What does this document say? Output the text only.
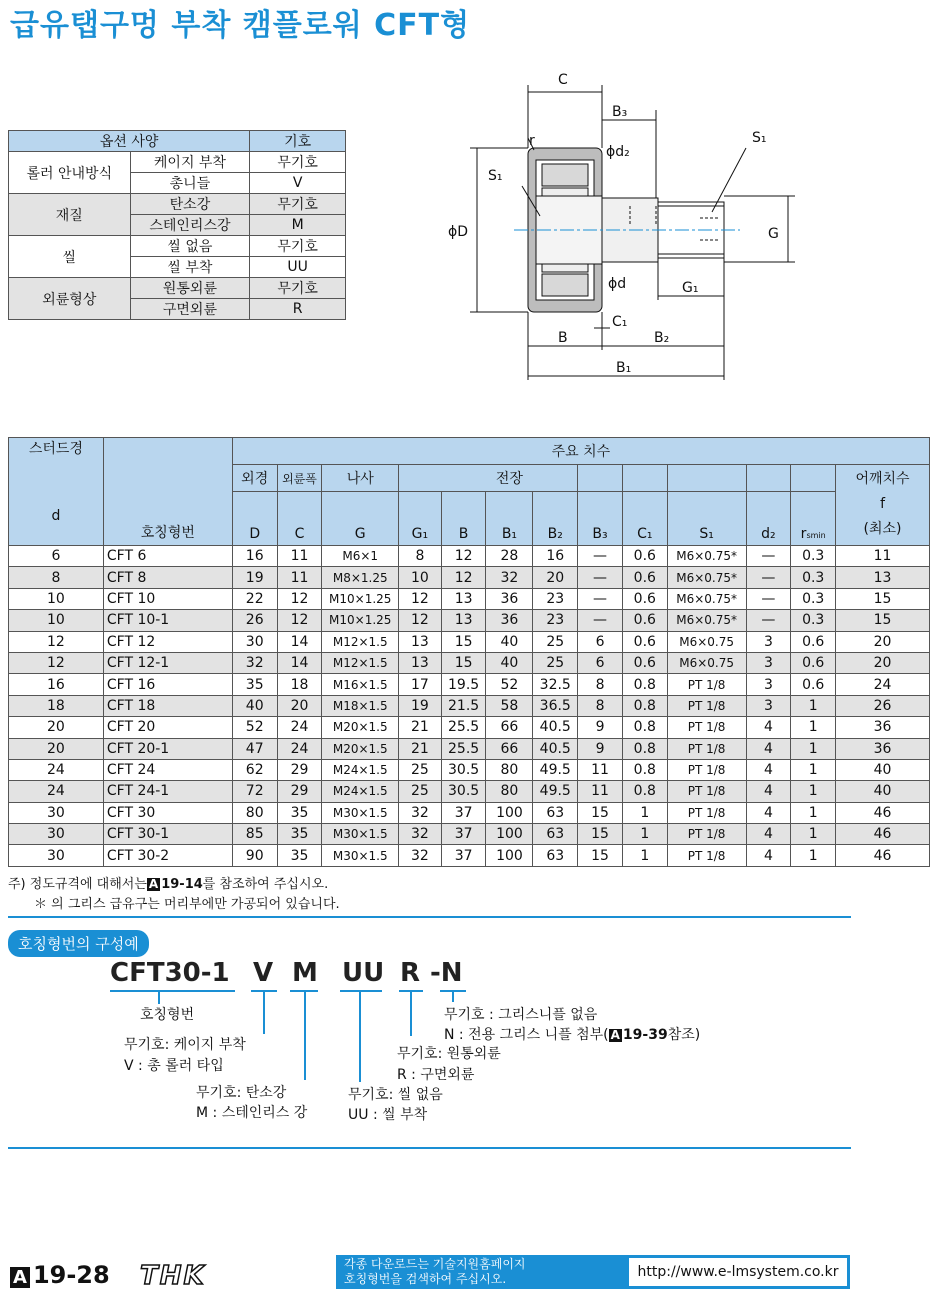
급유탭구멍 부착 캠플로워 CFT형
옵션 사양		기호
롤러 안내방식	케이지 부착	무기호
	총니들	V
재질	탄소강	무기호
	스테인리스강	M
씰	씰 없음	무기호
	씰 부착	UU
외륜형상	원통외륜	무기호
	구면외륜	R
C
B₃
r	S₁
ϕd₂
S₁
ϕD	G
ϕd	G₁
C₁
B	B₂
B₁
스터드경
d	호칭형번	주요 치수												
		외경	외륜폭	나사			전장							어깨치수
f
(최소)

		D	C	G	G₁	B	B₁	B₂	B₃	C₁	S₁	d₂	rsmin	
6	CFT 6	16	11	M6×1	8	12	28	16	—	0.6	M6×0.75*	—	0.3	11
8	CFT 8	19	11	M8×1.25	10	12	32	20	—	0.6	M6×0.75*	—	0.3	13
10	CFT 10	22	12	M10×1.25	12	13	36	23	—	0.6	M6×0.75*	—	0.3	15
10	CFT 10-1	26	12	M10×1.25	12	13	36	23	—	0.6	M6×0.75*	—	0.3	15
12	CFT 12	30	14	M12×1.5	13	15	40	25	6	0.6	M6×0.75	3	0.6	20
12	CFT 12-1	32	14	M12×1.5	13	15	40	25	6	0.6	M6×0.75	3	0.6	20
16	CFT 16	35	18	M16×1.5	17	19.5	52	32.5	8	0.8	PT 1/8	3	0.6	24
18	CFT 18	40	20	M18×1.5	19	21.5	58	36.5	8	0.8	PT 1/8	3	1	26
20	CFT 20	52	24	M20×1.5	21	25.5	66	40.5	9	0.8	PT 1/8	4	1	36
20	CFT 20-1	47	24	M20×1.5	21	25.5	66	40.5	9	0.8	PT 1/8	4	1	36
24	CFT 24	62	29	M24×1.5	25	30.5	80	49.5	11	0.8	PT 1/8	4	1	40
24	CFT 24-1	72	29	M24×1.5	25	30.5	80	49.5	11	0.8	PT 1/8	4	1	40
30	CFT 30	80	35	M30×1.5	32	37	100	63	15	1	PT 1/8	4	1	46
30	CFT 30-1	85	35	M30×1.5	32	37	100	63	15	1	PT 1/8	4	1	46
30	CFT 30-2	90	35	M30×1.5	32	37	100	63	15	1	PT 1/8	4	1	46
주) 정도규격에 대해서는 A 19-14를 참조하여 주십시오.
＊ 의 그리스 급유구는 머리부에만 가공되어 있습니다.
호칭형번의 구성예
CFT30-1 V M UU R -N
호칭형번
무기호: 케이지 부착
V : 총 롤러 타입
무기호: 탄소강
M : 스테인리스 강
무기호: 씰 없음
UU : 씰 부착
무기호: 원통외륜
R : 구면외륜
무기호 : 그리스니플 없음
N : 전용 그리스 니플 첨부( A 19-39참조)
A 19-28 THK	각종 다운로드는 기술지원홈페이지
호칭형번을 검색하여 주십시오.	http://www.e-lmsystem.co.kr
